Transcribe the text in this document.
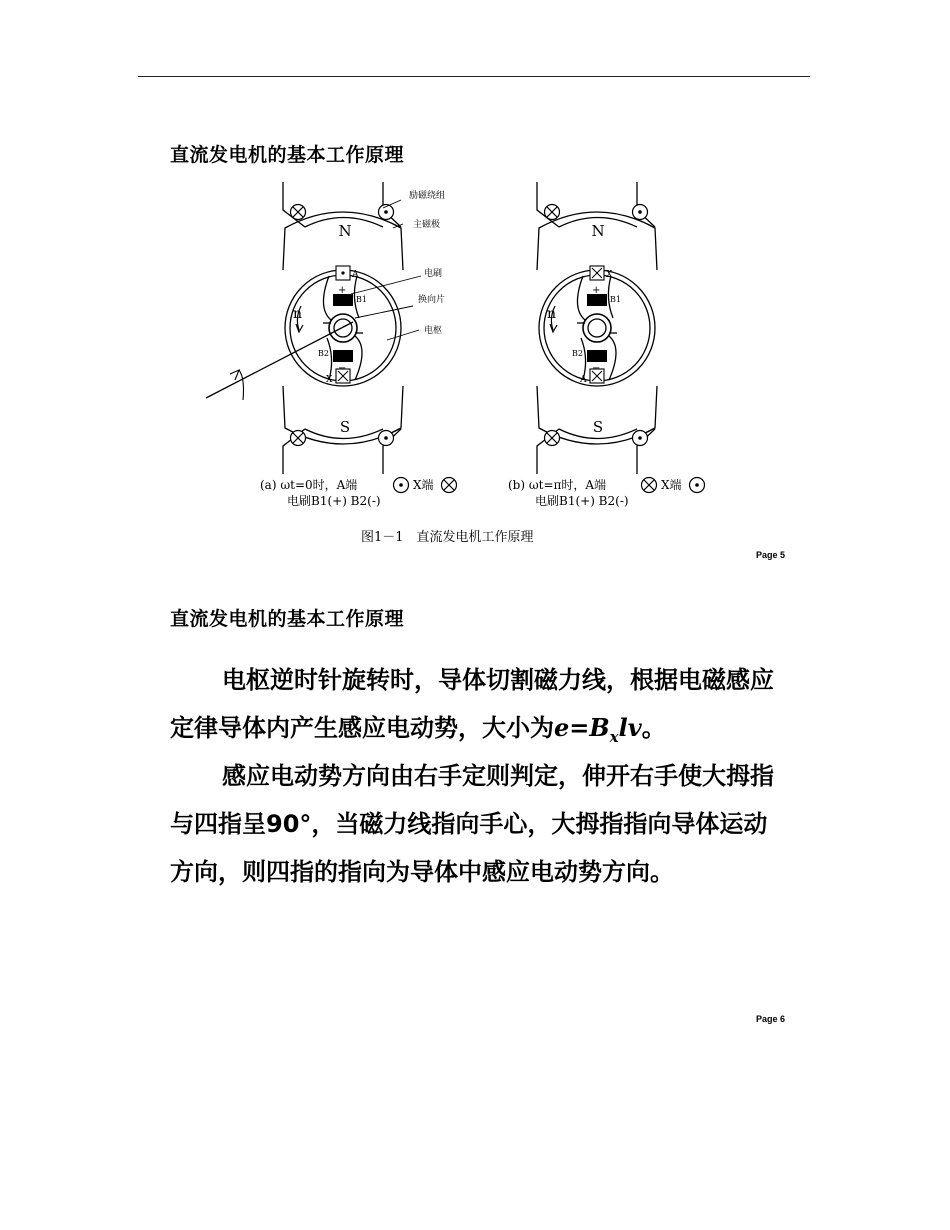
直流发电机的基本工作原理
N
S
n
A
X
B1
B2
+
−
励磁绕组
主磁极
电刷
换向片
电枢
(a) ωt=0时，A端	X端
电刷B1(+) B2(-)
N
S
n
X
A
B1
B2
+
−
(b) ωt=π时，A端	X端
电刷B1(+) B2(-)
图1－1　直流发电机工作原理
Page 5
直流发电机的基本工作原理

电枢逆时针旋转时，导体切割磁力线，根据电磁感应定律导体内产生感应电动势，大小为$e=B_xlv$。

感应电动势方向由右手定则判定，伸开右手使大拇指与四指呈90°，当磁力线指向手心，大拇指指向导体运动方向，则四指的指向为导体中感应电动势方向。

Page 6
